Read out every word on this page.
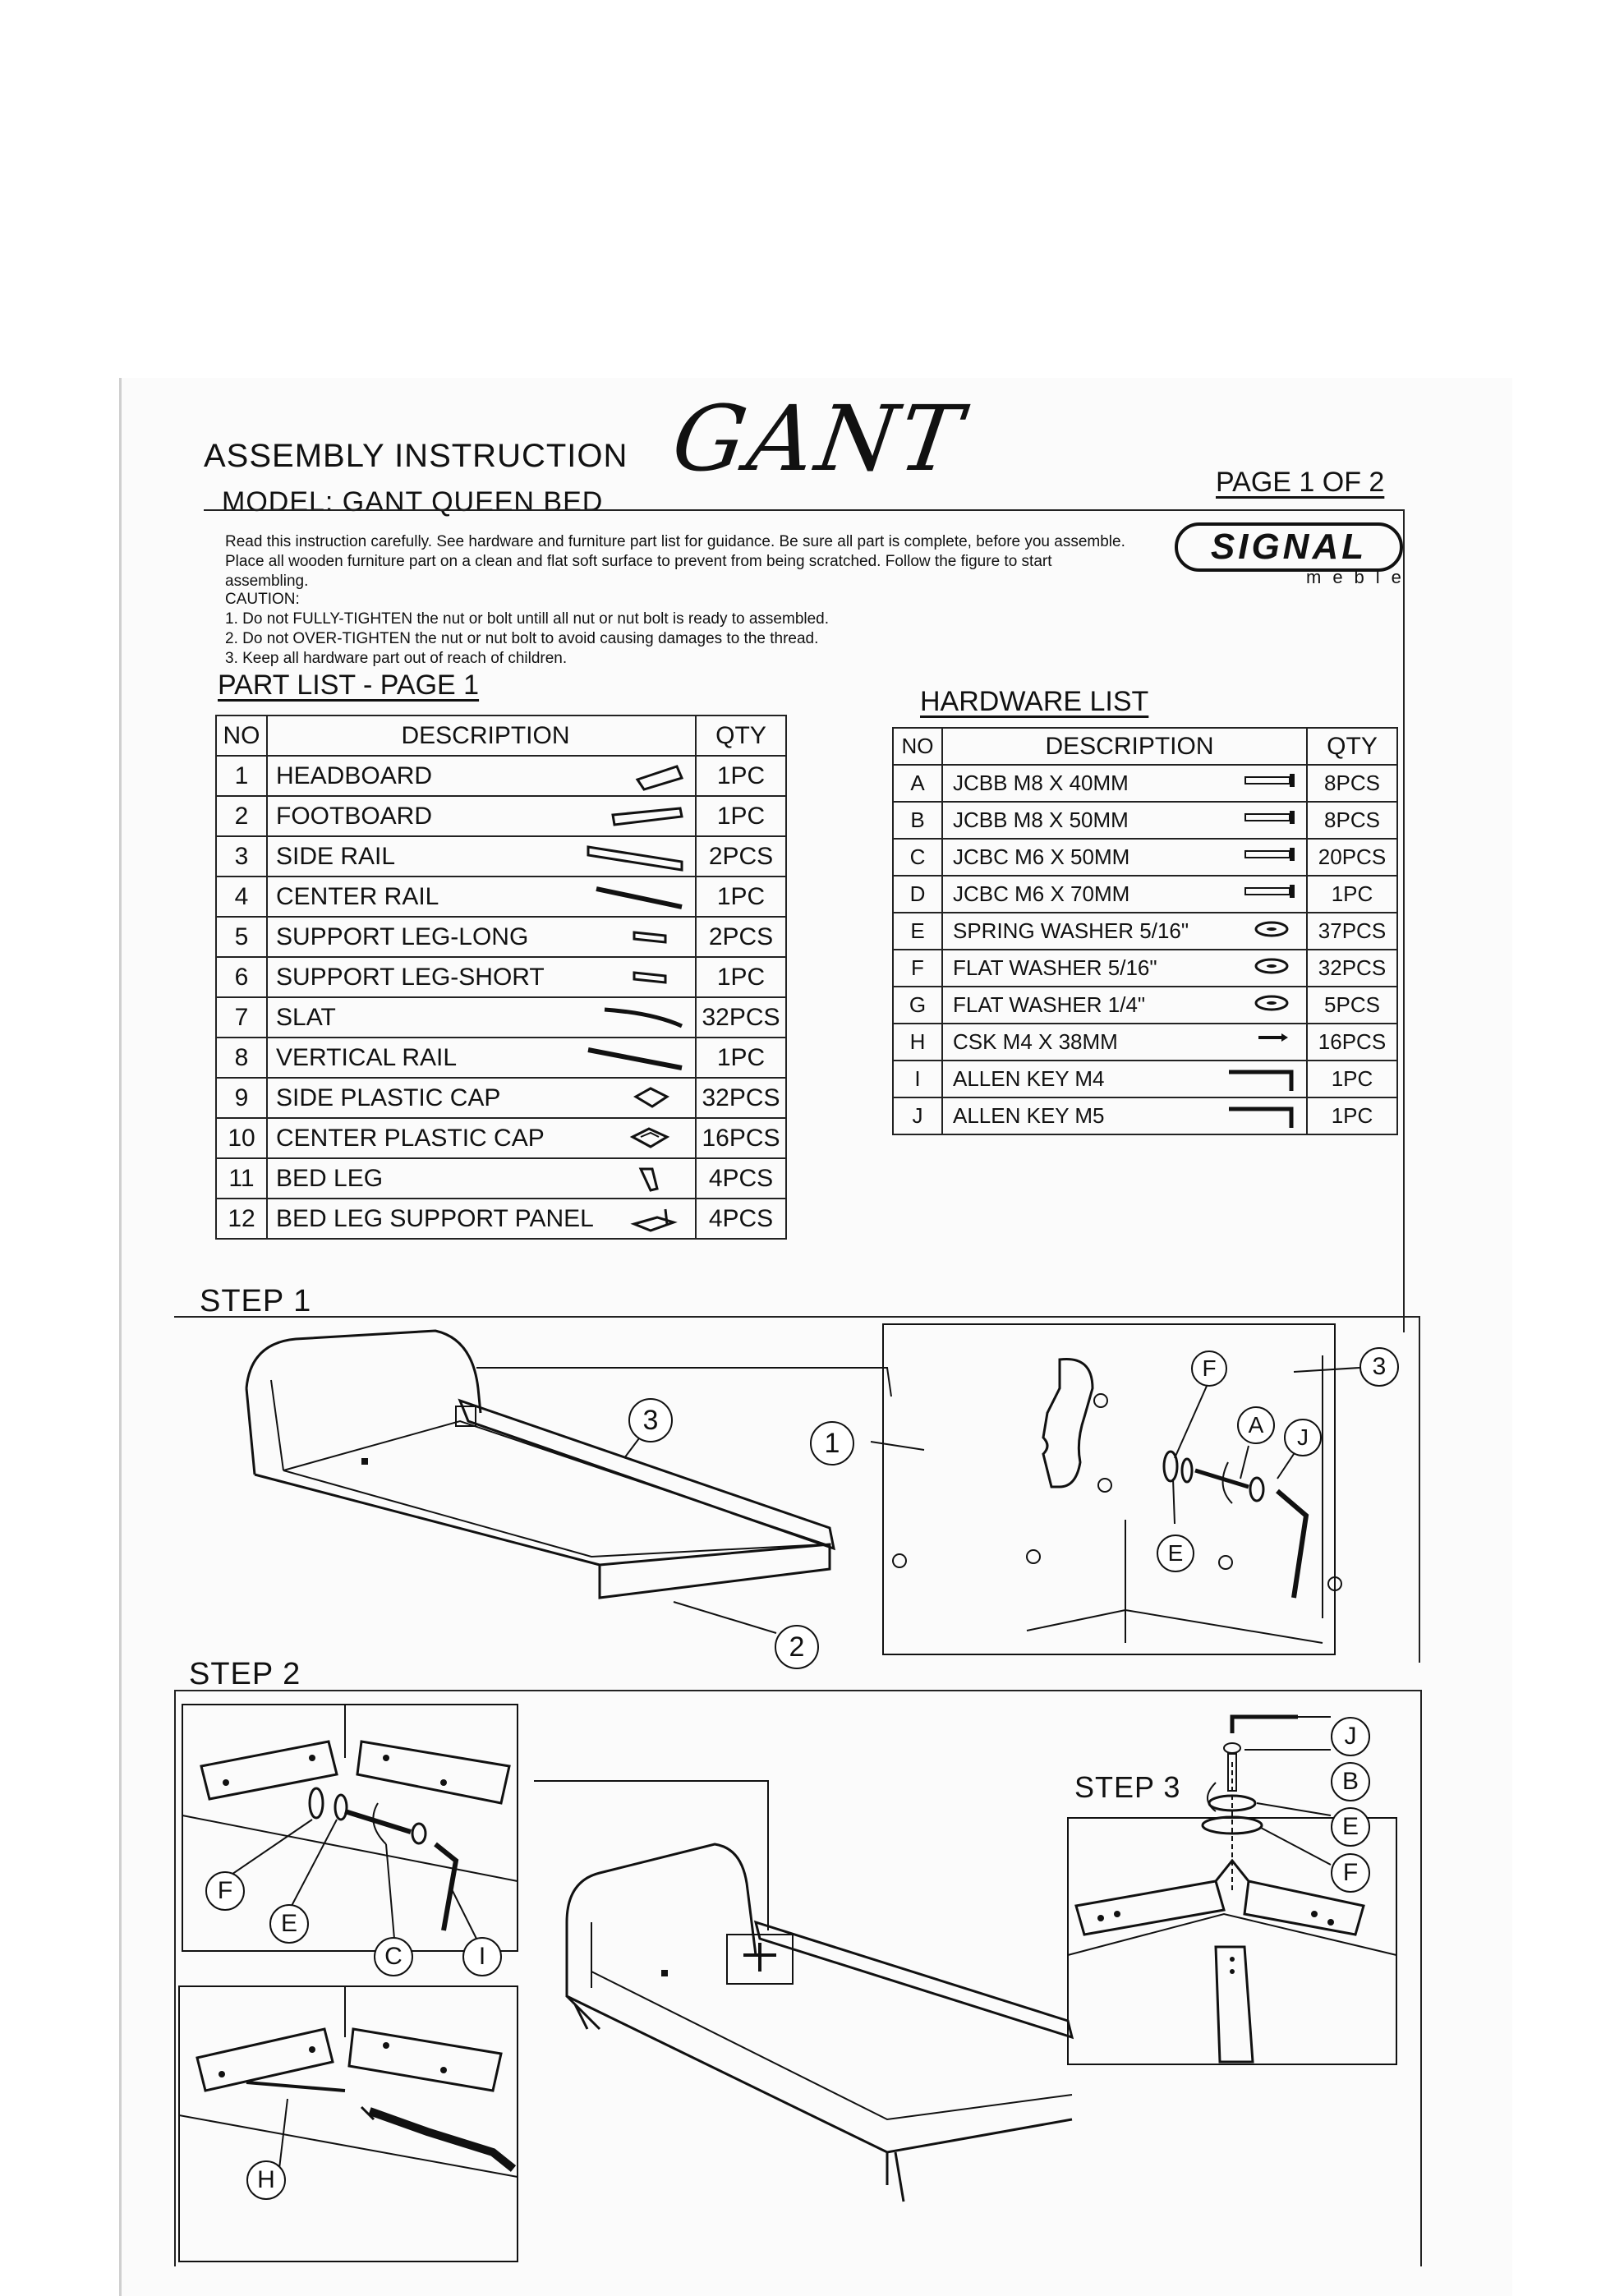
ASSEMBLY INSTRUCTION GANT	PAGE 1 OF 2
MODEL: GANT QUEEN BED
SIGNAL
meble
Read this instruction carefully. See hardware and furniture part list for guidance. Be sure all part is complete, before you assemble. Place all wooden furniture part on a clean and flat soft surface to prevent from being scratched. Follow the figure to start assembling.

CAUTION:

1. Do not FULLY-TIGHTEN the nut or bolt untill all nut or nut bolt is ready to assembled.

2. Do not OVER-TIGHTEN the nut or nut bolt to avoid causing damages to the thread.

3. Keep all hardware part out of reach of children.

PART LIST - PAGE 1
NO	DESCRIPTION	QTY
1	HEADBOARD	1PC
2	FOOTBOARD	1PC
3	SIDE RAIL	2PCS
4	CENTER RAIL	1PC
5	SUPPORT LEG-LONG	2PCS
6	SUPPORT LEG-SHORT	1PC
7	SLAT	32PCS
8	VERTICAL RAIL	1PC
9	SIDE PLASTIC CAP	32PCS
10	CENTER PLASTIC CAP	16PCS
11	BED LEG	4PCS
12	BED LEG SUPPORT PANEL	4PCS
HARDWARE LIST
NO	DESCRIPTION	QTY
A	JCBB M8 X 40MM	8PCS
B	JCBB M8 X 50MM	8PCS
C	JCBC M6 X 50MM	20PCS
D	JCBC M6 X 70MM	1PC
E	SPRING WASHER 5/16"	37PCS
F	FLAT WASHER 5/16"	32PCS
G	FLAT WASHER 1/4"	5PCS
H	CSK M4 X 38MM	16PCS
I	ALLEN KEY M4	1PC
J	ALLEN KEY M5	1PC
STEP 1
3
1
2
F	3
A	J
E
STEP 2
F
E
C	I
H
STEP 3
J
B
E
F
